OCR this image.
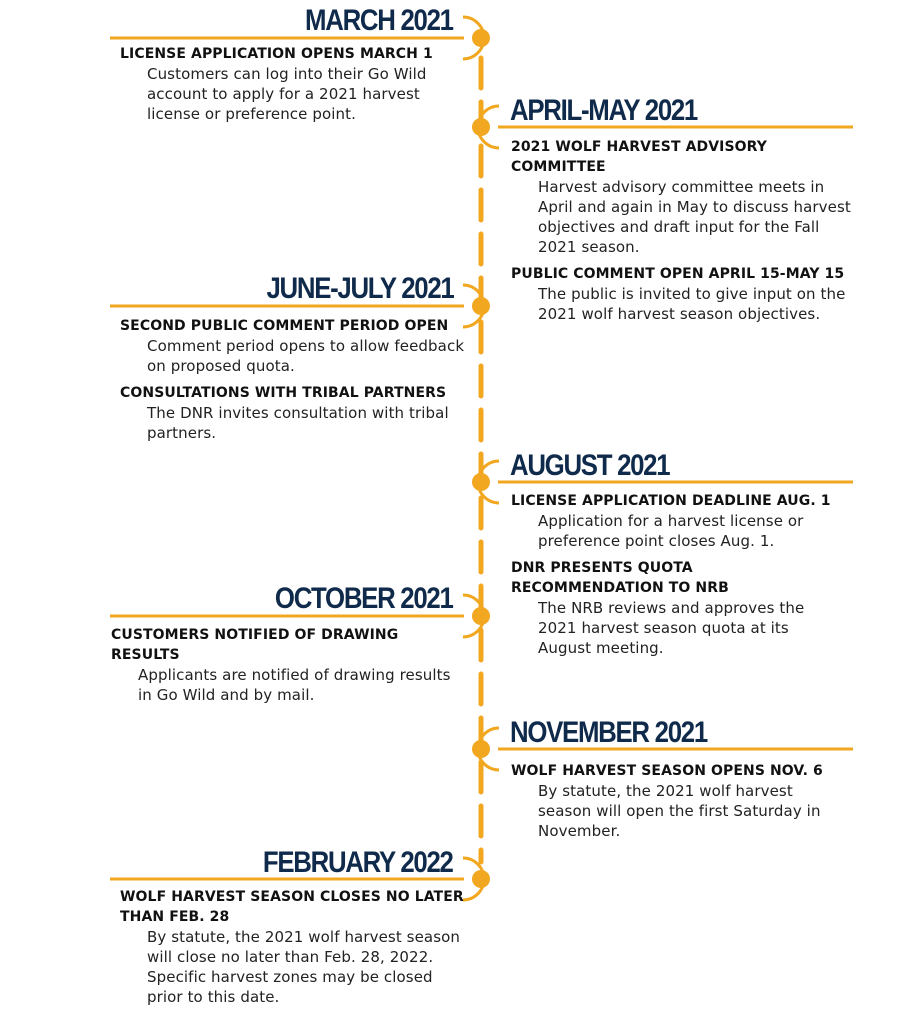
MARCH 2021
LICENSE APPLICATION OPENS MARCH 1
Customers can log into their Go Wild account to apply for a 2021 harvest license or preference point.	APRIL-MAY 2021
2021 WOLF HARVEST ADVISORY COMMITTEE
Harvest advisory committee meets in April and again in May to discuss harvest objectives and draft input for the Fall 2021 season.
PUBLIC COMMENT OPEN APRIL 15-MAY 15
The public is invited to give input on the 2021 wolf harvest season objectives.
JUNE-JULY 2021
SECOND PUBLIC COMMENT PERIOD OPEN
Comment period opens to allow feedback on proposed quota.
CONSULTATIONS WITH TRIBAL PARTNERS
The DNR invites consultation with tribal partners.
AUGUST 2021
LICENSE APPLICATION DEADLINE AUG. 1
Application for a harvest license or preference point closes Aug. 1.
DNR PRESENTS QUOTA RECOMMENDATION TO NRB
The NRB reviews and approves the 2021 harvest season quota at its August meeting.
OCTOBER 2021
CUSTOMERS NOTIFIED OF DRAWING RESULTS
Applicants are notified of drawing results in Go Wild and by mail.
NOVEMBER 2021
WOLF HARVEST SEASON OPENS NOV. 6
By statute, the 2021 wolf harvest season will open the first Saturday in November.
FEBRUARY 2022
WOLF HARVEST SEASON CLOSES NO LATER THAN FEB. 28
By statute, the 2021 wolf harvest season will close no later than Feb. 28, 2022. Specific harvest zones may be closed prior to this date.
